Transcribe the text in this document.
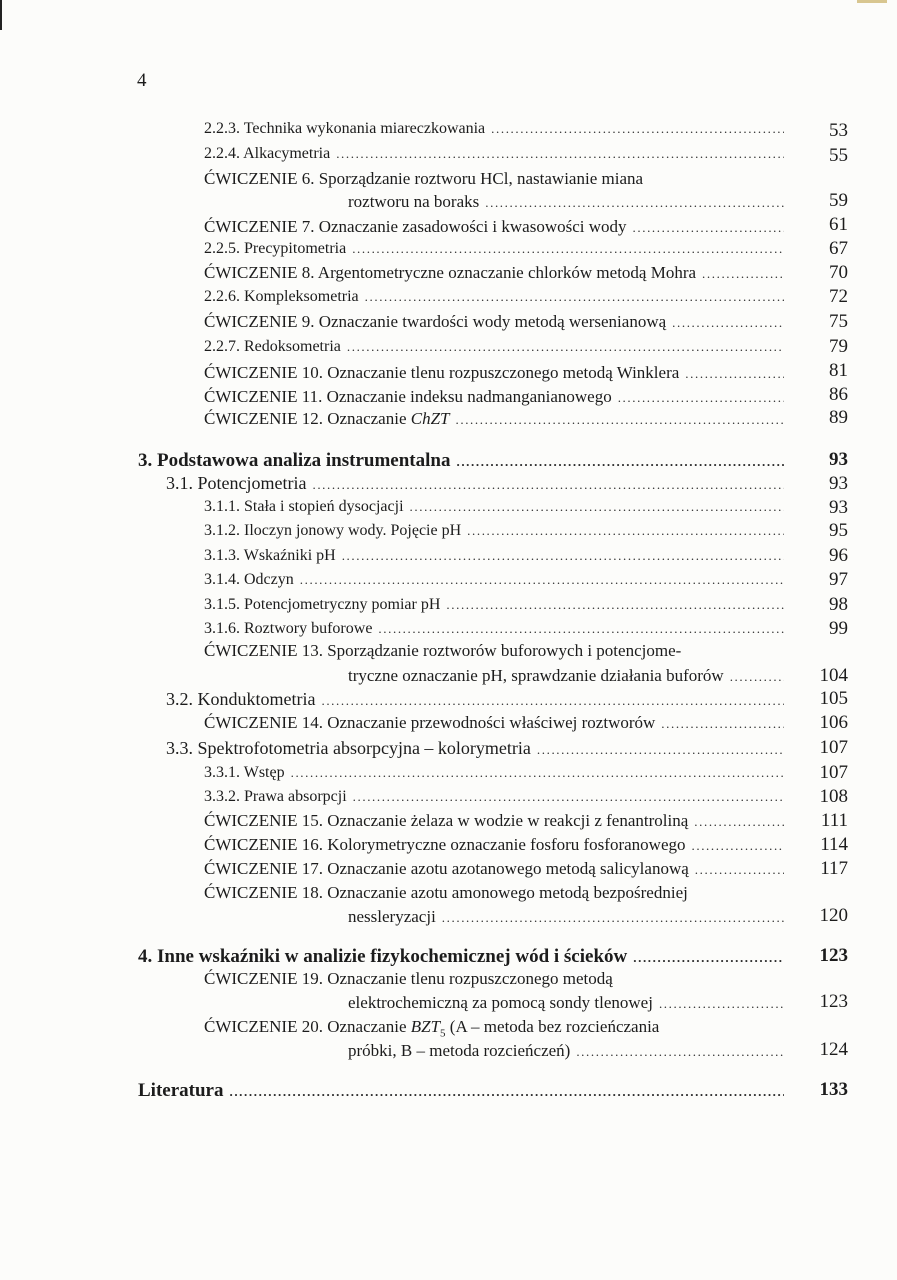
4
2.2.3. Technika wykonania miareczkowania .....	53
2.2.4. Alkacymetria .....	55
ĆWICZENIE 6. Sporządzanie roztworu HCl, nastawianie miana
roztworu na boraks .....	59
ĆWICZENIE 7. Oznaczanie zasadowości i kwasowości wody .....	61
2.2.5. Precypitometria .....	67
ĆWICZENIE 8. Argentometryczne oznaczanie chlorków metodą Mohra .....	70
2.2.6. Kompleksometria .....	72
ĆWICZENIE 9. Oznaczanie twardości wody metodą wersenianową .....	75
2.2.7. Redoksometria .....	79
ĆWICZENIE 10. Oznaczanie tlenu rozpuszczonego metodą Winklera .....	81
ĆWICZENIE 11. Oznaczanie indeksu nadmanganianowego .....	86
ĆWICZENIE 12. Oznaczanie ChZT .....	89
3. Podstawowa analiza instrumentalna .....	93
3.1. Potencjometria .....	93
3.1.1. Stała i stopień dysocjacji .....	93
3.1.2. Iloczyn jonowy wody. Pojęcie pH .....	95
3.1.3. Wskaźniki pH .....	96
3.1.4. Odczyn .....	97
3.1.5. Potencjometryczny pomiar pH .....	98
3.1.6. Roztwory buforowe .....	99
ĆWICZENIE 13. Sporządzanie roztworów buforowych i potencjome-
tryczne oznaczanie pH, sprawdzanie działania buforów .....	104
3.2. Konduktometria .....	105
ĆWICZENIE 14. Oznaczanie przewodności właściwej roztworów .....	106
3.3. Spektrofotometria absorpcyjna – kolorymetria .....	107
3.3.1. Wstęp .....	107
3.3.2. Prawa absorpcji .....	108
ĆWICZENIE 15. Oznaczanie żelaza w wodzie w reakcji z fenantroliną .....	111
ĆWICZENIE 16. Kolorymetryczne oznaczanie fosforu fosforanowego .....	114
ĆWICZENIE 17. Oznaczanie azotu azotanowego metodą salicylanową .....	117
ĆWICZENIE 18. Oznaczanie azotu amonowego metodą bezpośredniej
nessleryzacji .....	120
4. Inne wskaźniki w analizie fizykochemicznej wód i ścieków .....	123
ĆWICZENIE 19. Oznaczanie tlenu rozpuszczonego metodą
elektrochemiczną za pomocą sondy tlenowej .....	123
ĆWICZENIE 20. Oznaczanie $BZT_5$ (A – metoda bez rozcieńczania
próbki, B – metoda rozcieńczeń) .....	124
Literatura .....	133
